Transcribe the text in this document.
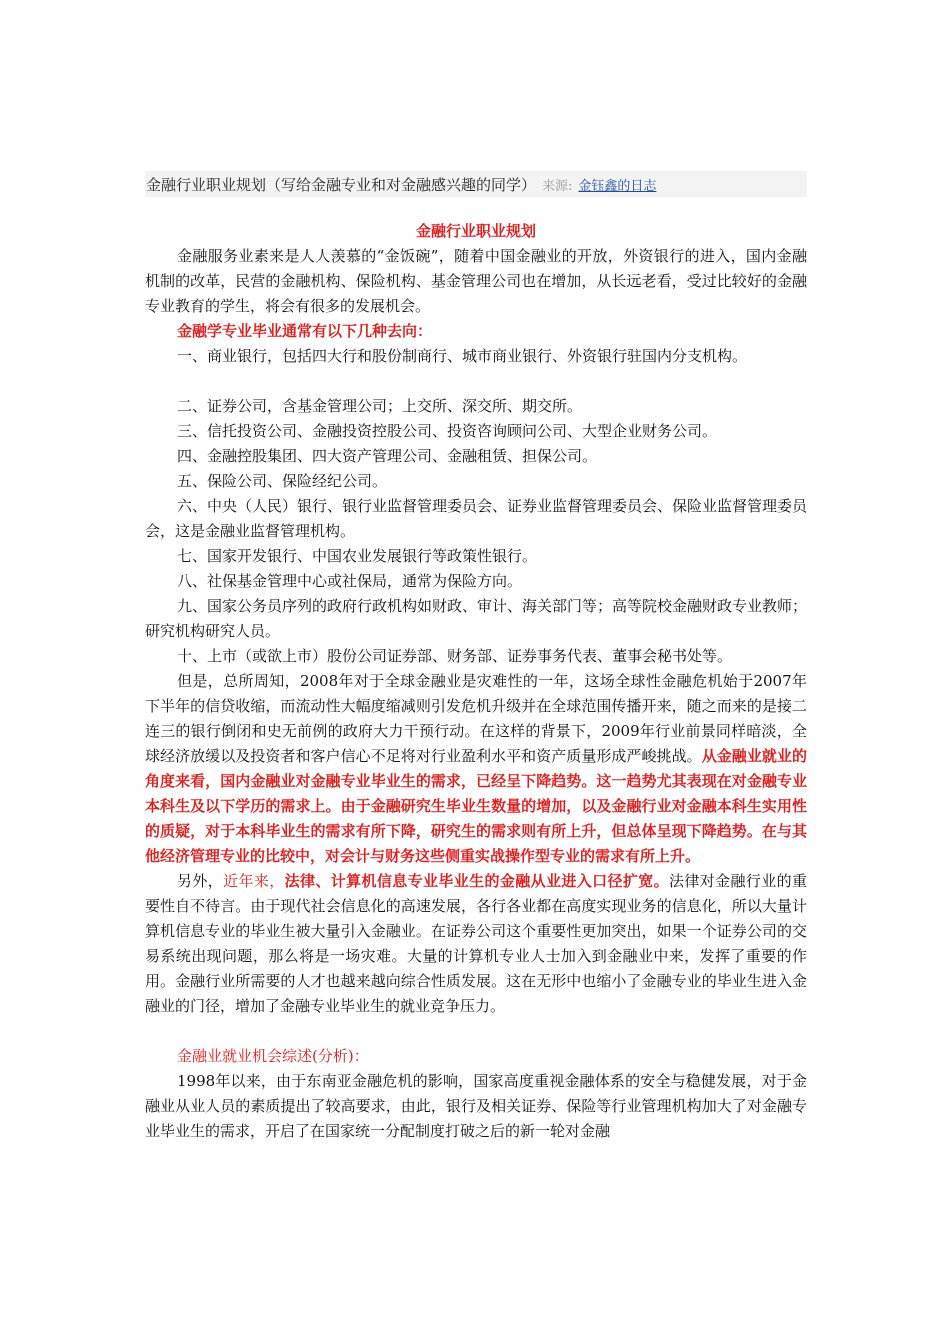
金融行业职业规划（写给金融专业和对金融感兴趣的同学） 来源: 金钰鑫的日志
金融行业职业规划

金融服务业素来是人人羡慕的“金饭碗”，随着中国金融业的开放，外资银行的进入，国内金融机制的改革，民营的金融机构、保险机构、基金管理公司也在增加，从长远老看，受过比较好的金融专业教育的学生，将会有很多的发展机会。

金融学专业毕业通常有以下几种去向：

一、商业银行，包括四大行和股份制商行、城市商业银行、外资银行驻国内分支机构。

二、证券公司，含基金管理公司；上交所、深交所、期交所。

三、信托投资公司、金融投资控股公司、投资咨询顾问公司、大型企业财务公司。

四、金融控股集团、四大资产管理公司、金融租赁、担保公司。

五、保险公司、保险经纪公司。

六、中央（人民）银行、银行业监督管理委员会、证券业监督管理委员会、保险业监督管理委员会，这是金融业监督管理机构。

七、国家开发银行、中国农业发展银行等政策性银行。

八、社保基金管理中心或社保局，通常为保险方向。

九、国家公务员序列的政府行政机构如财政、审计、海关部门等；高等院校金融财政专业教师；研究机构研究人员。

十、上市（或欲上市）股份公司证券部、财务部、证券事务代表、董事会秘书处等。

但是，总所周知，2008年对于全球金融业是灾难性的一年，这场全球性金融危机始于2007年下半年的信贷收缩，而流动性大幅度缩减则引发危机升级并在全球范围传播开来，随之而来的是接二连三的银行倒闭和史无前例的政府大力干预行动。在这样的背景下，2009年行业前景同样暗淡，全球经济放缓以及投资者和客户信心不足将对行业盈利水平和资产质量形成严峻挑战。从金融业就业的角度来看，国内金融业对金融专业毕业生的需求，已经呈下降趋势。这一趋势尤其表现在对金融专业本科生及以下学历的需求上。由于金融研究生毕业生数量的增加，以及金融行业对金融本科生实用性的质疑，对于本科毕业生的需求有所下降，研究生的需求则有所上升，但总体呈现下降趋势。在与其他经济管理专业的比较中，对会计与财务这些侧重实战操作型专业的需求有所上升。

另外，近年来，法律、计算机信息专业毕业生的金融从业进入口径扩宽。法律对金融行业的重要性自不待言。由于现代社会信息化的高速发展，各行各业都在高度实现业务的信息化，所以大量计算机信息专业的毕业生被大量引入金融业。在证券公司这个重要性更加突出，如果一个证券公司的交易系统出现问题，那么将是一场灾难。大量的计算机专业人士加入到金融业中来，发挥了重要的作用。金融行业所需要的人才也越来越向综合性质发展。这在无形中也缩小了金融专业的毕业生进入金融业的门径，增加了金融专业毕业生的就业竞争压力。

金融业就业机会综述(分析)：

1998年以来，由于东南亚金融危机的影响，国家高度重视金融体系的安全与稳健发展，对于金融业从业人员的素质提出了较高要求，由此，银行及相关证券、保险等行业管理机构加大了对金融专业毕业生的需求，开启了在国家统一分配制度打破之后的新一轮对金融
